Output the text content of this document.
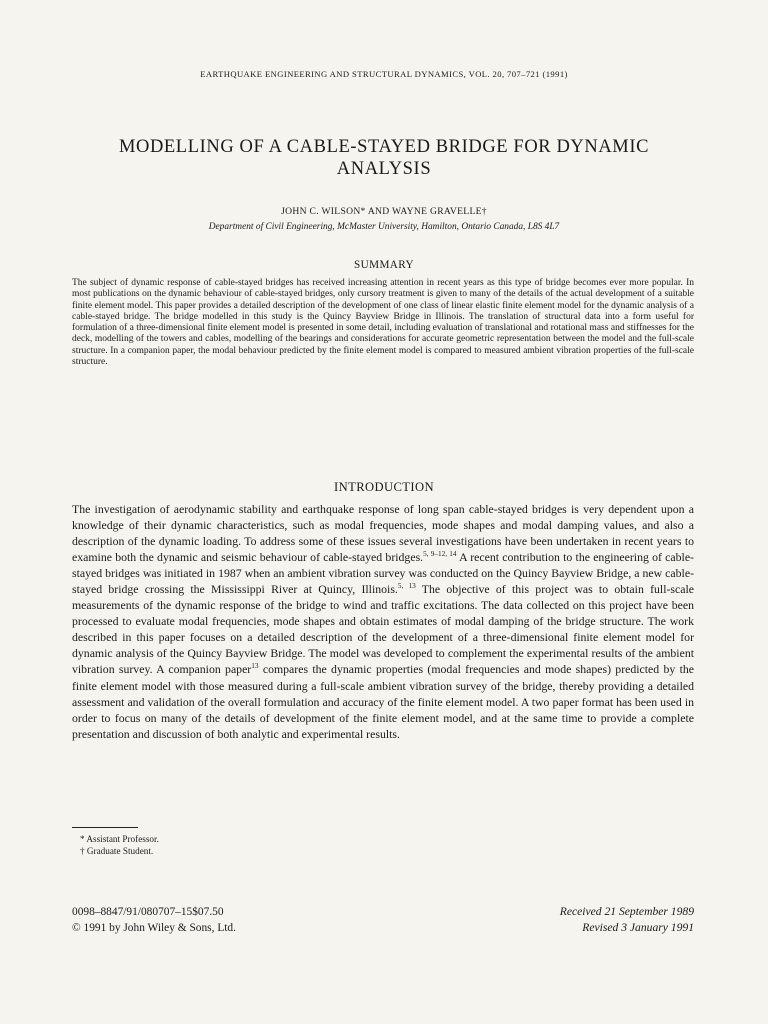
EARTHQUAKE ENGINEERING AND STRUCTURAL DYNAMICS, VOL. 20, 707–721 (1991)
MODELLING OF A CABLE-STAYED BRIDGE FOR DYNAMIC
ANALYSIS
JOHN C. WILSON* AND WAYNE GRAVELLE†
Department of Civil Engineering, McMaster University, Hamilton, Ontario Canada, L8S 4L7
SUMMARY
The subject of dynamic response of cable-stayed bridges has received increasing attention in recent years as this type of bridge becomes ever more popular. In most publications on the dynamic behaviour of cable-stayed bridges, only cursory treatment is given to many of the details of the actual development of a suitable finite element model. This paper provides a detailed description of the development of one class of linear elastic finite element model for the dynamic analysis of a cable-stayed bridge. The bridge modelled in this study is the Quincy Bayview Bridge in Illinois. The translation of structural data into a form useful for formulation of a three-dimensional finite element model is presented in some detail, including evaluation of translational and rotational mass and stiffnesses for the deck, modelling of the towers and cables, modelling of the bearings and considerations for accurate geometric representation between the model and the full-scale structure. In a companion paper, the modal behaviour predicted by the finite element model is compared to measured ambient vibration properties of the full-scale structure.
INTRODUCTION
The investigation of aerodynamic stability and earthquake response of long span cable-stayed bridges is very dependent upon a knowledge of their dynamic characteristics, such as modal frequencies, mode shapes and modal damping values, and also a description of the dynamic loading. To address some of these issues several investigations have been undertaken in recent years to examine both the dynamic and seismic behaviour of cable-stayed bridges.$^{5, 9-12, 14}$ A recent contribution to the engineering of cable-stayed bridges was initiated in 1987 when an ambient vibration survey was conducted on the Quincy Bayview Bridge, a new cable-stayed bridge crossing the Mississippi River at Quincy, Illinois.$^{5, 13}$ The objective of this project was to obtain full-scale measurements of the dynamic response of the bridge to wind and traffic excitations. The data collected on this project have been processed to evaluate modal frequencies, mode shapes and obtain estimates of modal damping of the bridge structure. The work described in this paper focuses on a detailed description of the development of a three-dimensional finite element model for dynamic analysis of the Quincy Bayview Bridge. The model was developed to complement the experimental results of the ambient vibration survey. A companion paper$^{13}$ compares the dynamic properties (modal frequencies and mode shapes) predicted by the finite element model with those measured during a full-scale ambient vibration survey of the bridge, thereby providing a detailed assessment and validation of the overall formulation and accuracy of the finite element model. A two paper format has been used in order to focus on many of the details of development of the finite element model, and at the same time to provide a complete presentation and discussion of both analytic and experimental results.
* Assistant Professor.
† Graduate Student.
0098–8847/91/080707–15$07.50
© 1991 by John Wiley & Sons, Ltd.
Received 21 September 1989
Revised 3 January 1991
